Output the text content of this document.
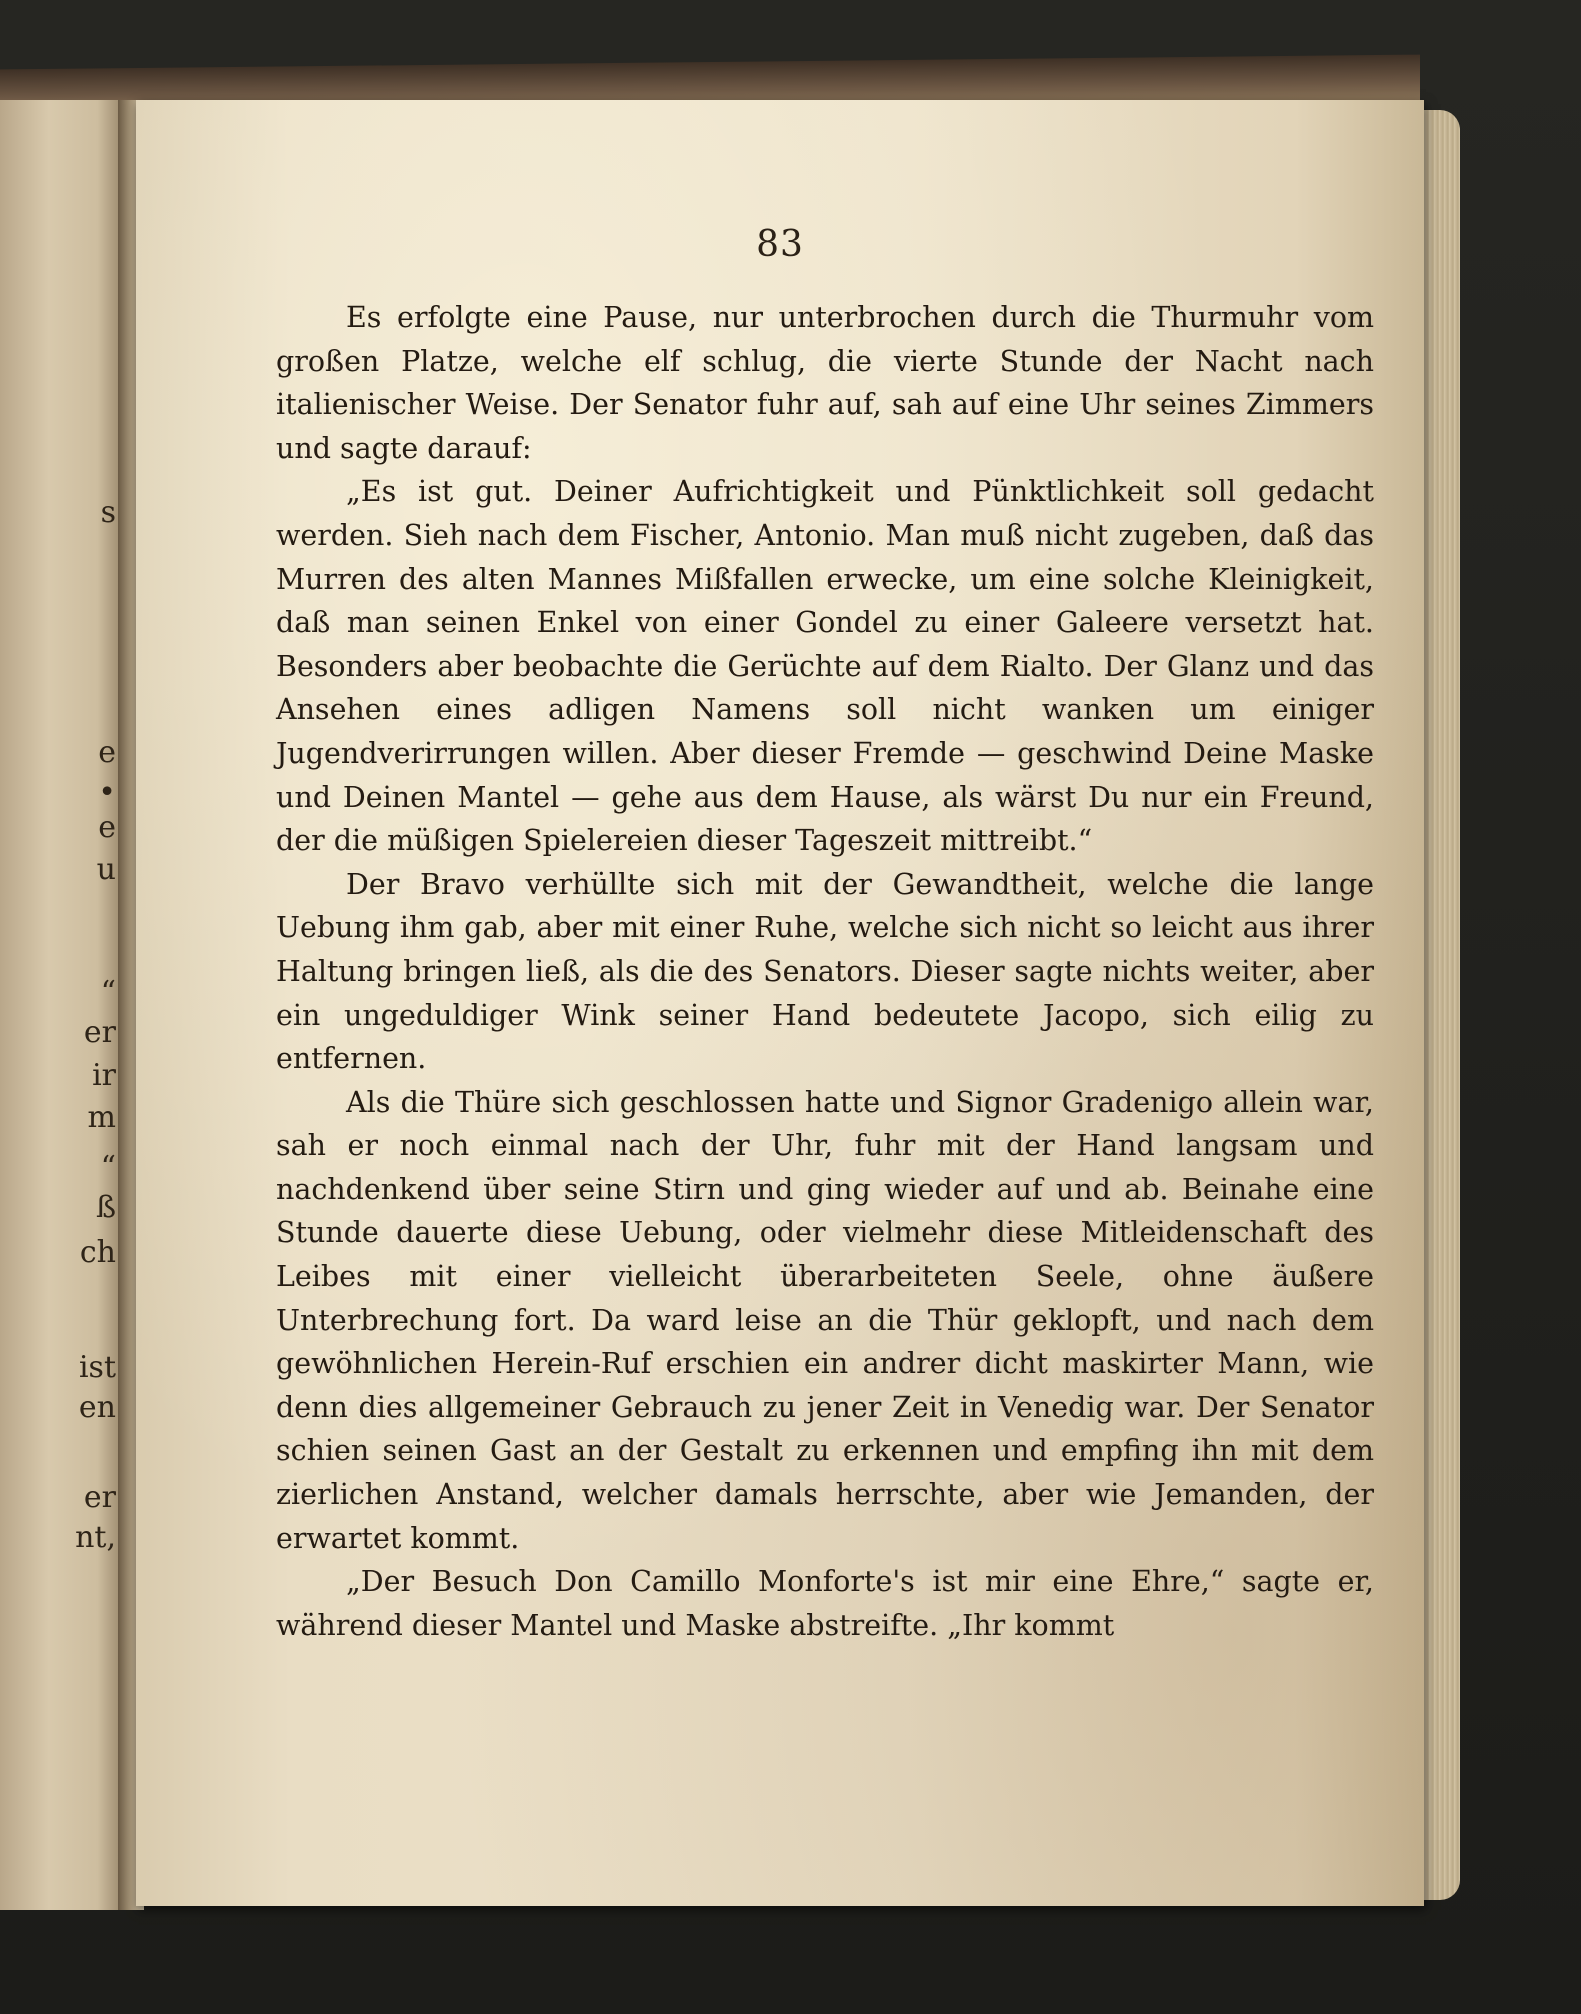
s
e
•
e
u
“
er
ir
m
“
ß
ch
ist
en
er
nt,
83

Es erfolgte eine Pause, nur unterbrochen durch die Thurmuhr vom großen Platze, welche elf schlug, die vierte Stunde der Nacht nach italienischer Weise. Der Senator fuhr auf, sah auf eine Uhr seines Zimmers und sagte darauf:

„Es ist gut. Deiner Aufrichtigkeit und Pünktlichkeit soll gedacht werden. Sieh nach dem Fischer, Antonio. Man muß nicht zugeben, daß das Murren des alten Mannes Mißfallen erwecke, um eine solche Kleinigkeit, daß man seinen Enkel von einer Gondel zu einer Galeere versetzt hat. Besonders aber beobachte die Gerüchte auf dem Rialto. Der Glanz und das Ansehen eines adligen Namens soll nicht wanken um einiger Jugendverirrungen willen. Aber dieser Fremde — geschwind Deine Maske und Deinen Mantel — gehe aus dem Hause, als wärst Du nur ein Freund, der die müßigen Spielereien dieser Tageszeit mittreibt.“

Der Bravo verhüllte sich mit der Gewandtheit, welche die lange Uebung ihm gab, aber mit einer Ruhe, welche sich nicht so leicht aus ihrer Haltung bringen ließ, als die des Senators. Dieser sagte nichts weiter, aber ein ungeduldiger Wink seiner Hand bedeutete Jacopo, sich eilig zu entfernen.

Als die Thüre sich geschlossen hatte und Signor Gradenigo allein war, sah er noch einmal nach der Uhr, fuhr mit der Hand langsam und nachdenkend über seine Stirn und ging wieder auf und ab. Beinahe eine Stunde dauerte diese Uebung, oder vielmehr diese Mitleidenschaft des Leibes mit einer vielleicht überarbeiteten Seele, ohne äußere Unterbrechung fort. Da ward leise an die Thür geklopft, und nach dem gewöhnlichen Herein-Ruf erschien ein andrer dicht maskirter Mann, wie denn dies allgemeiner Gebrauch zu jener Zeit in Venedig war. Der Senator schien seinen Gast an der Gestalt zu erkennen und empfing ihn mit dem zierlichen Anstand, welcher damals herrschte, aber wie Jemanden, der erwartet kommt.

„Der Besuch Don Camillo Monforte's ist mir eine Ehre,“ sagte er, während dieser Mantel und Maske abstreifte. „Ihr kommt
